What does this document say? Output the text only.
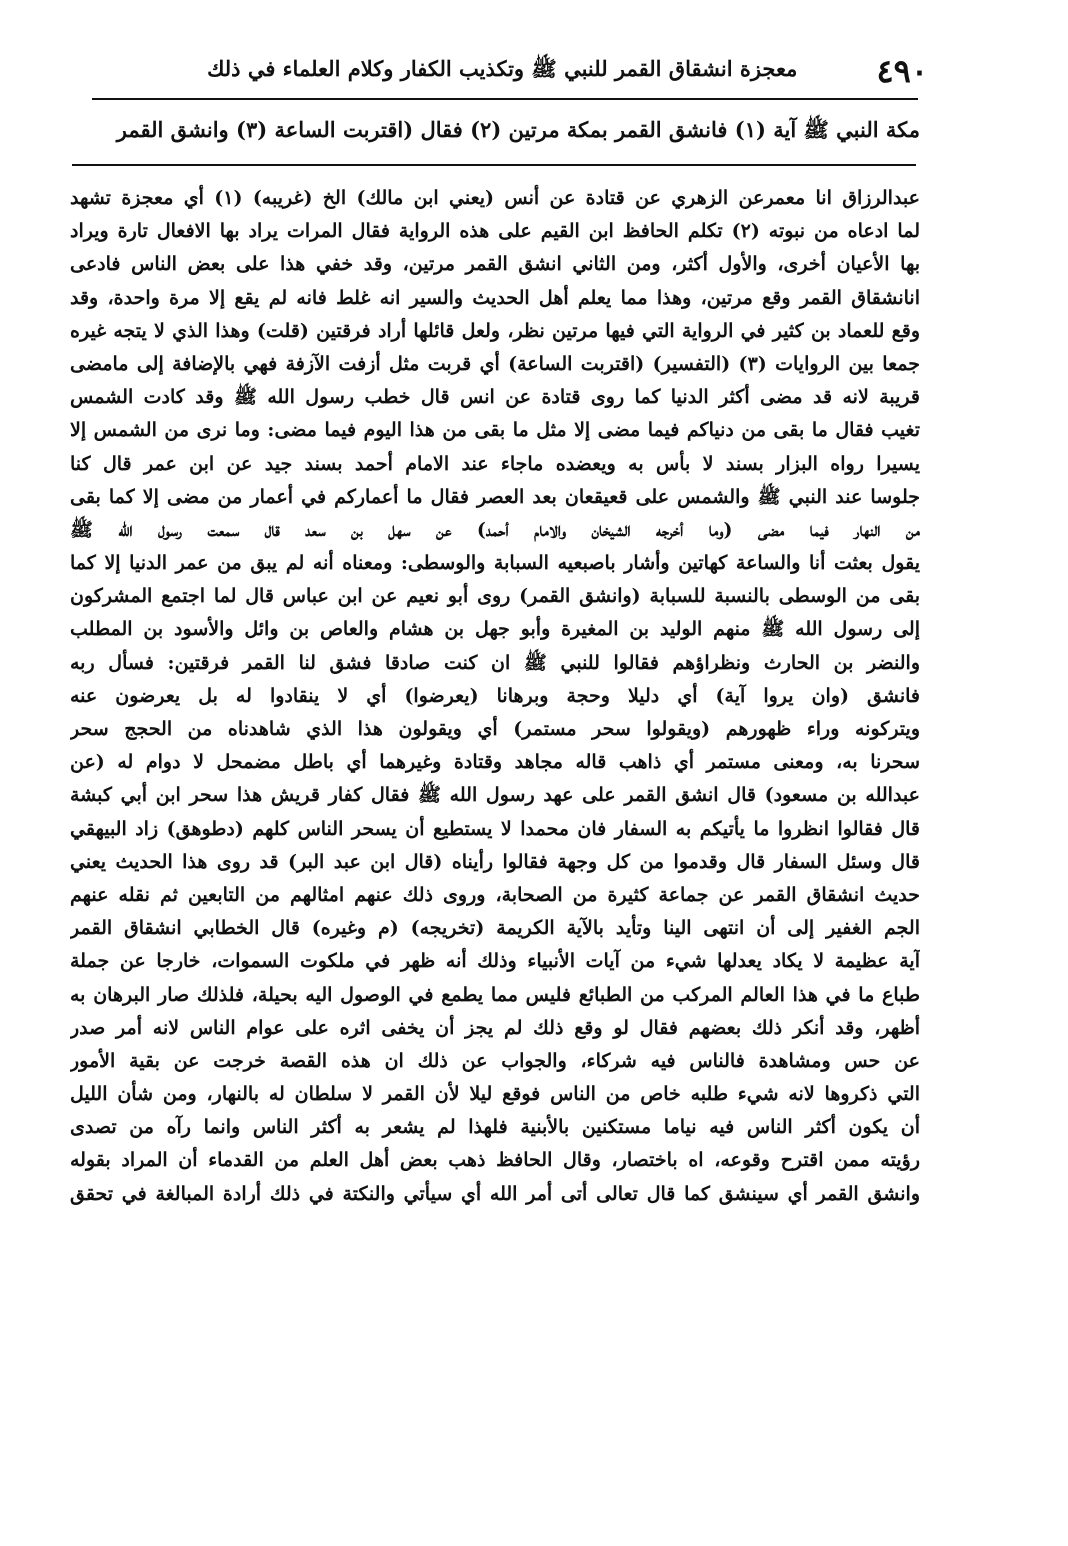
٤٩٠
معجزة انشقاق القمر للنبي ﷺ وتكذيب الكفار وكلام العلماء في ذلك
مكة النبي ﷺ آية (١) فانشق القمر بمكة مرتين (٢) فقال (اقتربت الساعة (٣) وانشق القمر
عبدالرزاق انا معمرعن الزهري عن قتادة عن أنس (يعني ابن مالك) الخ (غريبه) (١) أي معجزة تشهد
لما ادعاه من نبوته (٢) تكلم الحافظ ابن القيم على هذه الرواية فقال المرات يراد بها الافعال تارة ويراد
بها الأعيان أخرى، والأول أكثر، ومن الثاني انشق القمر مرتين، وقد خفي هذا على بعض الناس فادعى
انانشقاق القمر وقع مرتين، وهذا مما يعلم أهل الحديث والسير انه غلط فانه لم يقع إلا مرة واحدة، وقد
وقع للعماد بن كثير في الرواية التي فيها مرتين نظر، ولعل قائلها أراد فرقتين (قلت) وهذا الذي لا يتجه غيره
جمعا بين الروايات (٣) (التفسير) (اقتربت الساعة) أي قربت مثل أزفت الآزفة فهي بالإضافة إلى مامضى
قريبة لانه قد مضى أكثر الدنيا كما روى قتادة عن انس قال خطب رسول الله ﷺ وقد كادت الشمس
تغيب فقال ما بقى من دنياكم فيما مضى إلا مثل ما بقى من هذا اليوم فيما مضى: وما نرى من الشمس إلا
يسيرا رواه البزار بسند لا بأس به ويعضده ماجاء عند الامام أحمد بسند جيد عن ابن عمر قال كنا
جلوسا عند النبي ﷺ والشمس على قعيقعان بعد العصر فقال ما أعماركم في أعمار من مضى إلا كما بقى
من النهار فيما مضى (وما أخرجه الشيخان والامام أحمد) عن سهل بن سعد قال سمعت رسول الله ﷺ
يقول بعثت أنا والساعة كهاتين وأشار باصبعيه السبابة والوسطى: ومعناه أنه لم يبق من عمر الدنيا إلا كما
بقى من الوسطى بالنسبة للسبابة (وانشق القمر) روى أبو نعيم عن ابن عباس قال لما اجتمع المشركون
إلى رسول الله ﷺ منهم الوليد بن المغيرة وأبو جهل بن هشام والعاص بن وائل والأسود بن المطلب
والنضر بن الحارث ونظراؤهم فقالوا للنبي ﷺ ان كنت صادقا فشق لنا القمر فرقتين: فسأل ربه
فانشق (وان يروا آية) أي دليلا وحجة وبرهانا (يعرضوا) أي لا ينقادوا له بل يعرضون عنه
ويتركونه وراء ظهورهم (ويقولوا سحر مستمر) أي ويقولون هذا الذي شاهدناه من الحجج سحر
سحرنا به، ومعنى مستمر أي ذاهب قاله مجاهد وقتادة وغيرهما أي باطل مضمحل لا دوام له (عن
عبدالله بن مسعود) قال انشق القمر على عهد رسول الله ﷺ فقال كفار قريش هذا سحر ابن أبي كبشة
قال فقالوا انظروا ما يأتيكم به السفار فان محمدا لا يستطيع أن يسحر الناس كلهم (دطوهق) زاد البيهقي
قال وسئل السفار قال وقدموا من كل وجهة فقالوا رأيناه (قال ابن عبد البر) قد روى هذا الحديث يعني
حديث انشقاق القمر عن جماعة كثيرة من الصحابة، وروى ذلك عنهم امثالهم من التابعين ثم نقله عنهم
الجم الغفير إلى أن انتهى الينا وتأيد بالآية الكريمة (تخريجه) (م وغيره) قال الخطابي انشقاق القمر
آية عظيمة لا يكاد يعدلها شيء من آيات الأنبياء وذلك أنه ظهر في ملكوت السموات، خارجا عن جملة
طباع ما في هذا العالم المركب من الطبائع فليس مما يطمع في الوصول اليه بحيلة، فلذلك صار البرهان به
أظهر، وقد أنكر ذلك بعضهم فقال لو وقع ذلك لم يجز أن يخفى اثره على عوام الناس لانه أمر صدر
عن حس ومشاهدة فالناس فيه شركاء، والجواب عن ذلك ان هذه القصة خرجت عن بقية الأمور
التي ذكروها لانه شيء طلبه خاص من الناس فوقع ليلا لأن القمر لا سلطان له بالنهار، ومن شأن الليل
أن يكون أكثر الناس فيه نياما مستكنين بالأبنية فلهذا لم يشعر به أكثر الناس وانما رآه من تصدى
رؤيته ممن اقترح وقوعه، اه باختصار، وقال الحافظ ذهب بعض أهل العلم من القدماء أن المراد بقوله
وانشق القمر أي سينشق كما قال تعالى أتى أمر الله أي سيأتي والنكتة في ذلك أرادة المبالغة في تحقق
